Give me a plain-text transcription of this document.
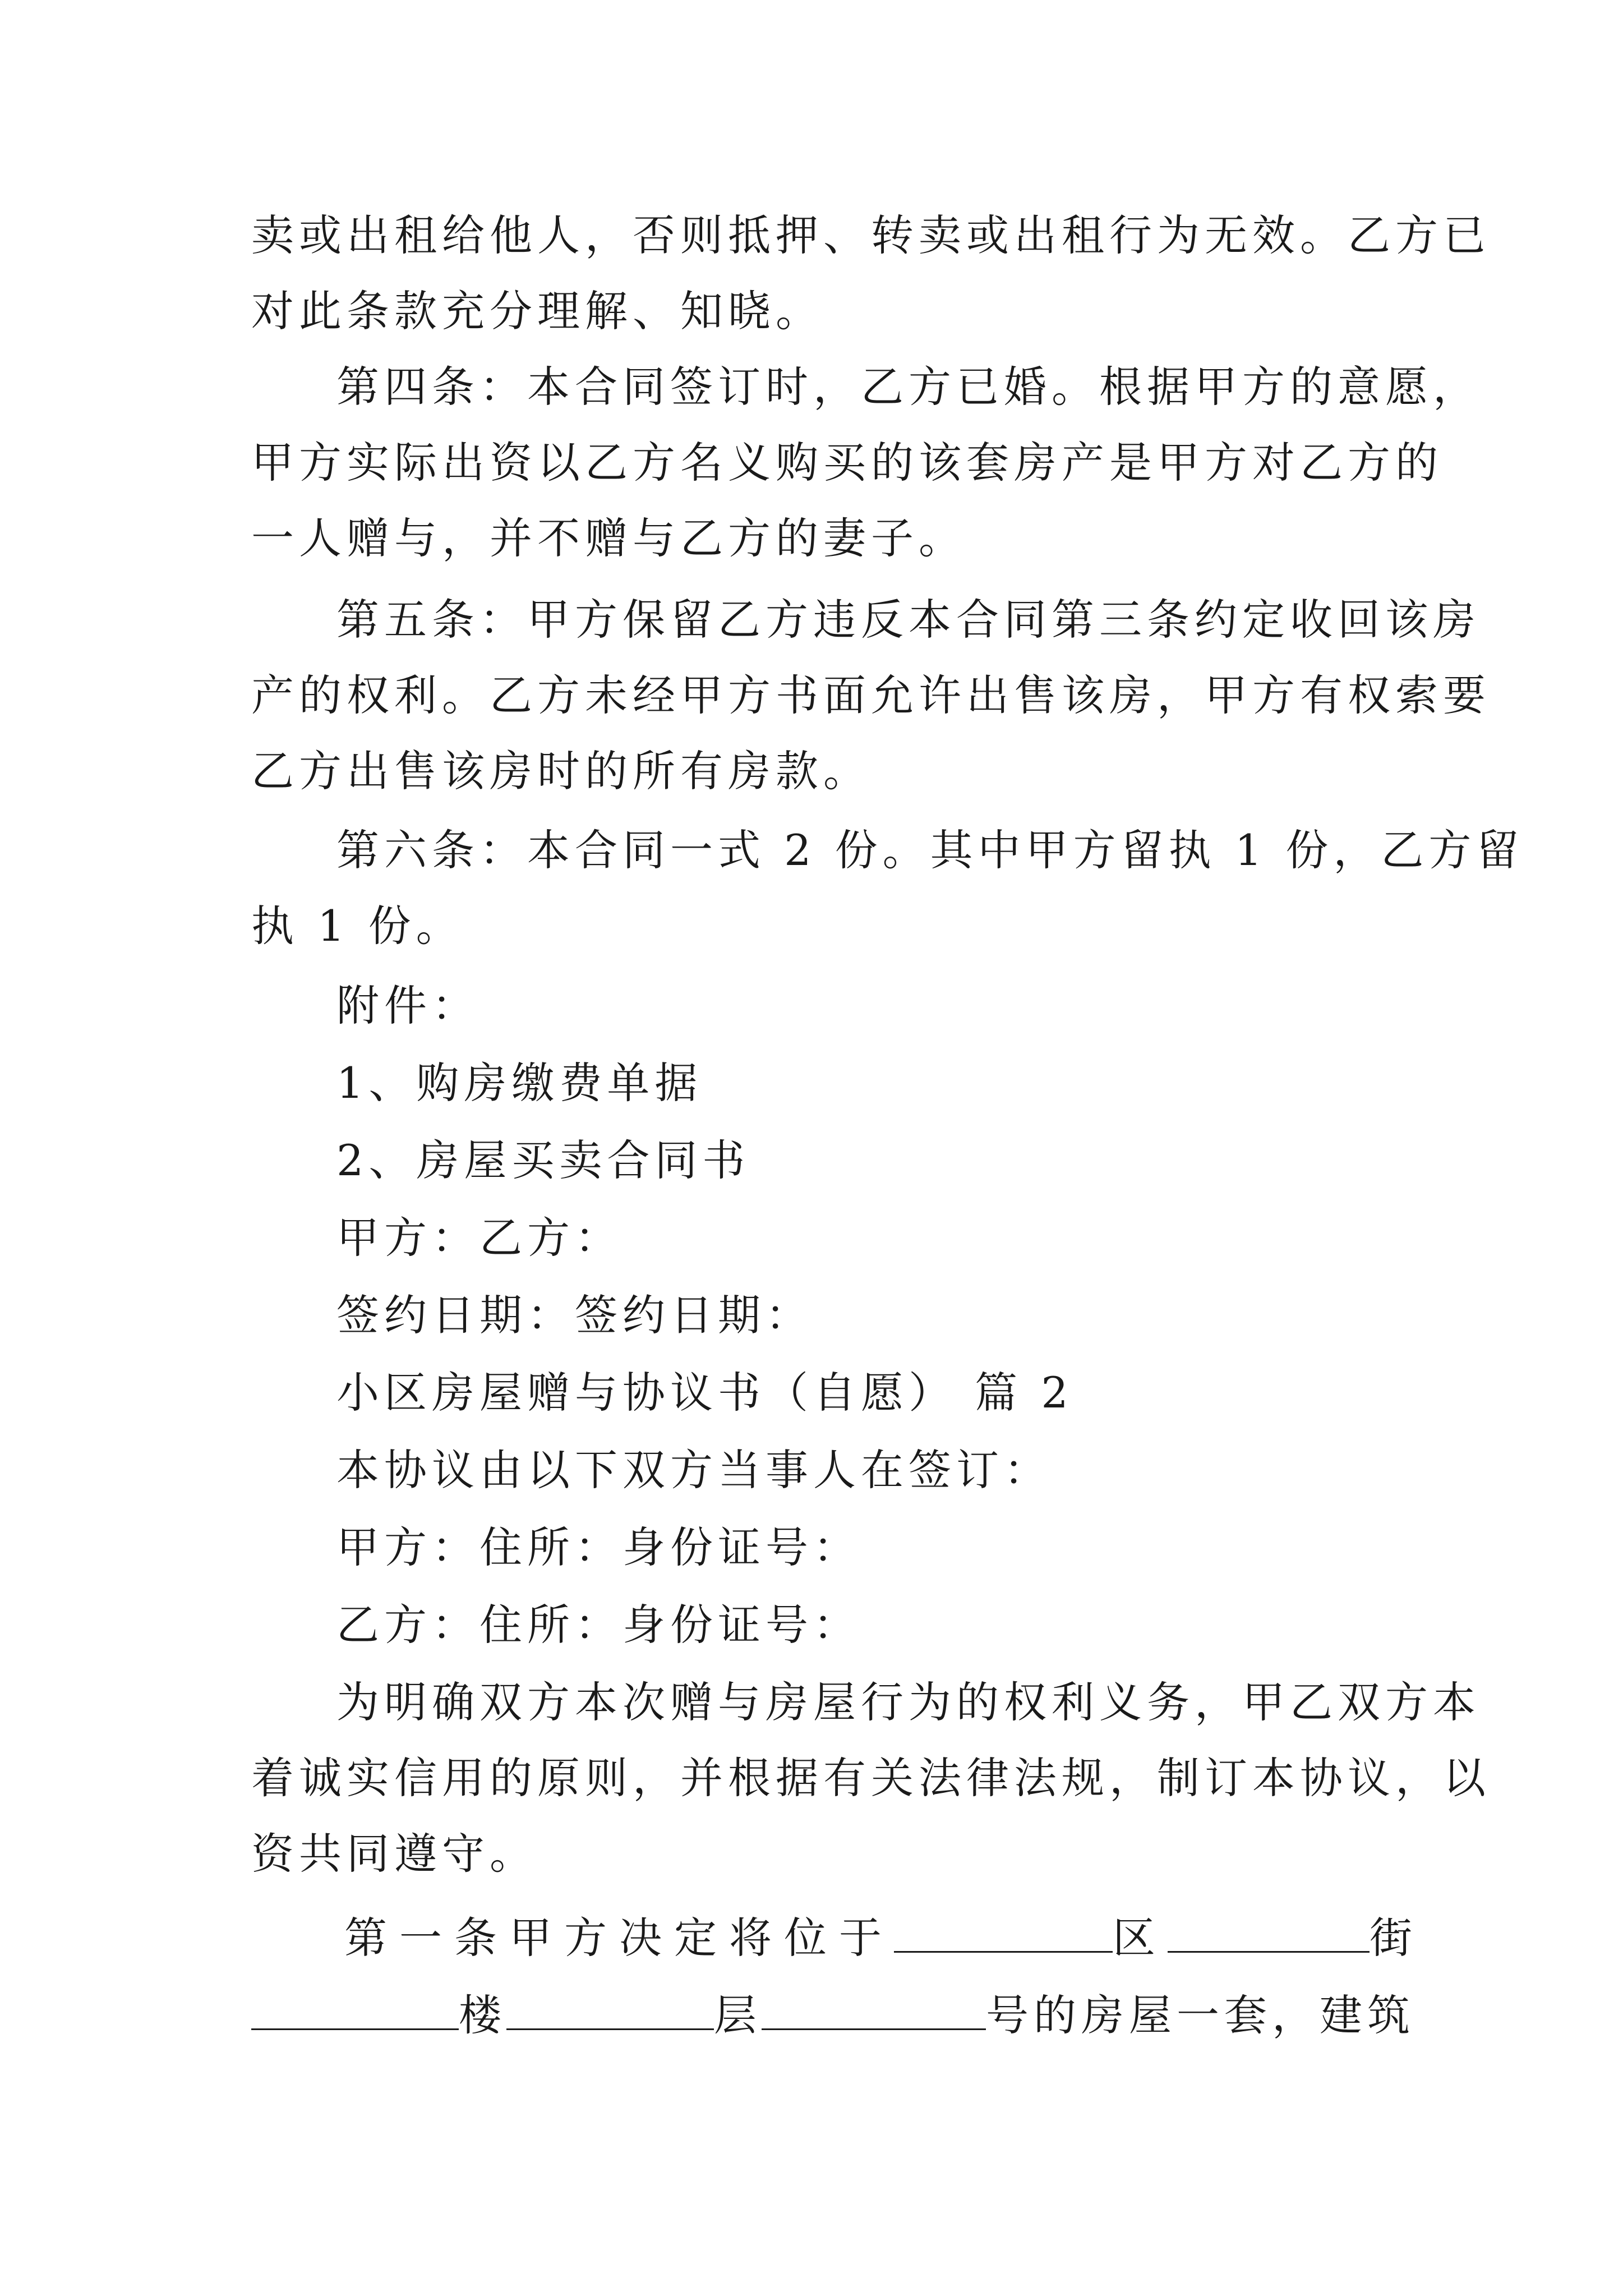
卖或出租给他人，否则抵押、转卖或出租行为无效。乙方已
对此条款充分理解、知晓。
第四条：本合同签订时，乙方已婚。根据甲方的意愿，
甲方实际出资以乙方名义购买的该套房产是甲方对乙方的
一人赠与，并不赠与乙方的妻子。
第五条：甲方保留乙方违反本合同第三条约定收回该房
产的权利。乙方未经甲方书面允许出售该房，甲方有权索要
乙方出售该房时的所有房款。
第六条：本合同一式 2 份。其中甲方留执 1 份，乙方留
执 1 份。
附件：
1、购房缴费单据
2、房屋买卖合同书
甲方：乙方：
签约日期：签约日期：
小区房屋赠与协议书（自愿） 篇 2
本协议由以下双方当事人在签订：
甲方：住所：身份证号：
乙方：住所：身份证号：
为明确双方本次赠与房屋行为的权利义务，甲乙双方本
着诚实信用的原则，并根据有关法律法规，制订本协议，以
资共同遵守。
第一条甲方决定将位于	区	街
楼	层	号的房屋一套，建筑
